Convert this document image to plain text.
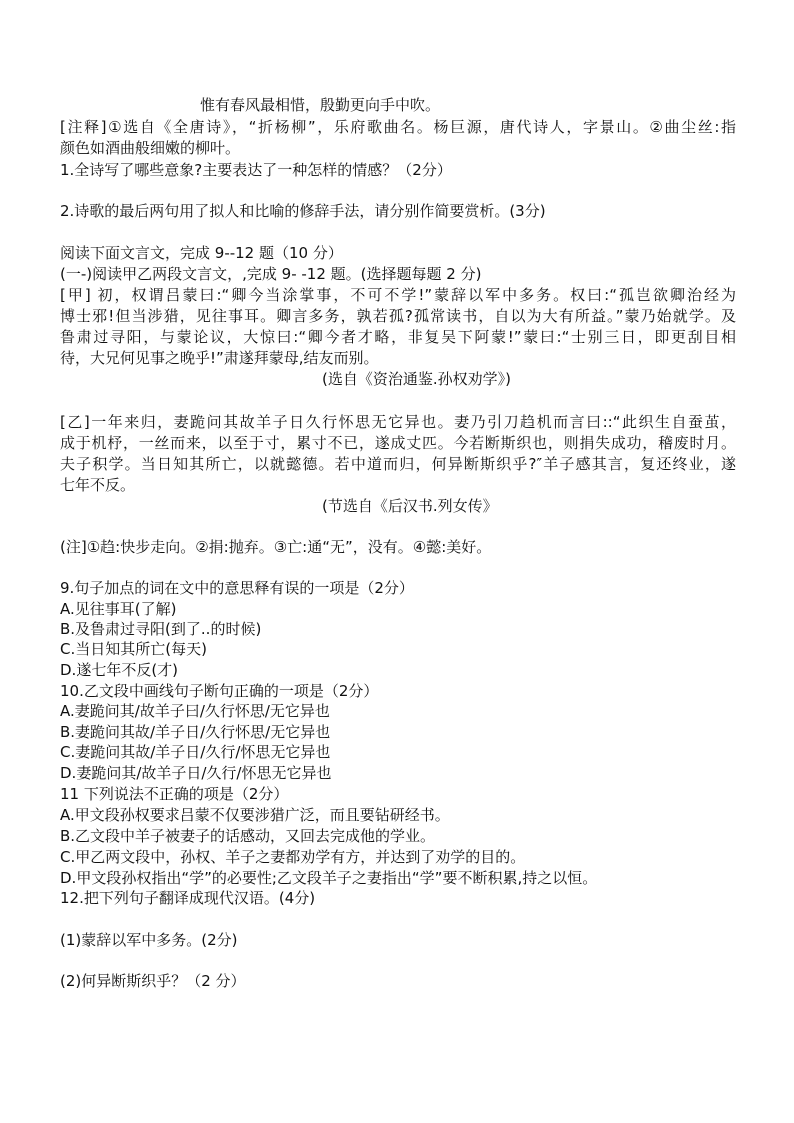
惟有春风最相惜，殷勤更向手中吹。
[注释]①选自《全唐诗》，“折杨柳”，乐府歌曲名。杨巨源，唐代诗人，字景山。②曲尘丝:指
颜色如酒曲般细嫩的柳叶。
1.全诗写了哪些意象?主要表达了一种怎样的情感？（2分）
2.诗歌的最后两句用了拟人和比喻的修辞手法，请分别作简要赏析。(3分)
阅读下面文言文，完成 9--12 题（10 分）
(一-)阅读甲乙两段文言文，,完成 9- -12 题。(选择题每题 2 分)
[甲] 初，权谓吕蒙曰:“卿今当涂掌事，不可不学!”蒙辞以军中多务。权曰:“孤岂欲卿治经为
博士邪!但当涉猎，见往事耳。卿言多务，孰若孤?孤常读书，自以为大有所益。”蒙乃始就学。及
鲁肃过寻阳，与蒙论议，大惊曰:“卿今者才略，非复吴下阿蒙!”蒙曰:“士别三日，即更刮目相
待，大兄何见事之晚乎!”肃遂拜蒙母,结友而别。
(选自《资治通鉴.孙权劝学》)
[乙]一年来归，妻跪问其故羊子日久行怀思无它异也。妻乃引刀趋机而言曰::“此织生自蚕茧，
成于机杼，一丝而来，以至于寸，累寸不已，遂成丈匹。今若断斯织也，则捐失成功，稽废时月。
夫子积学。当日知其所亡，以就懿德。若中道而归，何异断斯织乎?″羊子感其言，复还终业，遂
七年不反。
(节选自《后汉书.列女传》
(注]①趋:快步走向。②捐:抛弃。③亡:通“无”，没有。④懿:美好。
9.句子加点的词在文中的意思释有误的一项是（2分）
A.见往事耳(了解)
B.及鲁肃过寻阳(到了..的时候)
C.当日知其所亡(每天)
D.遂七年不反(才)
10.乙文段中画线句子断句正确的一项是（2分）
A.妻跪问其/故羊子曰/久行怀思/无它异也
B.妻跪问其故/羊子日/久行怀思/无它异也
C.妻跪问其故/羊子日/久行/怀思无它异也
D.妻跪问其/故羊子日/久行/怀思无它异也
11 下列说法不正确的项是（2分）
A.甲文段孙权要求吕蒙不仅要涉猎广泛，而且要钻研经书。
B.乙文段中羊子被妻子的话感动，又回去完成他的学业。
C.甲乙两文段中，孙权、羊子之妻都劝学有方，并达到了劝学的目的。
D.甲文段孙权指出“学”的必要性;乙文段羊子之妻指出“学”要不断积累,持之以恒。
12.把下列句子翻译成现代汉语。(4分)
(1)蒙辞以军中多务。(2分)
(2)何异断斯织乎？（2 分）
